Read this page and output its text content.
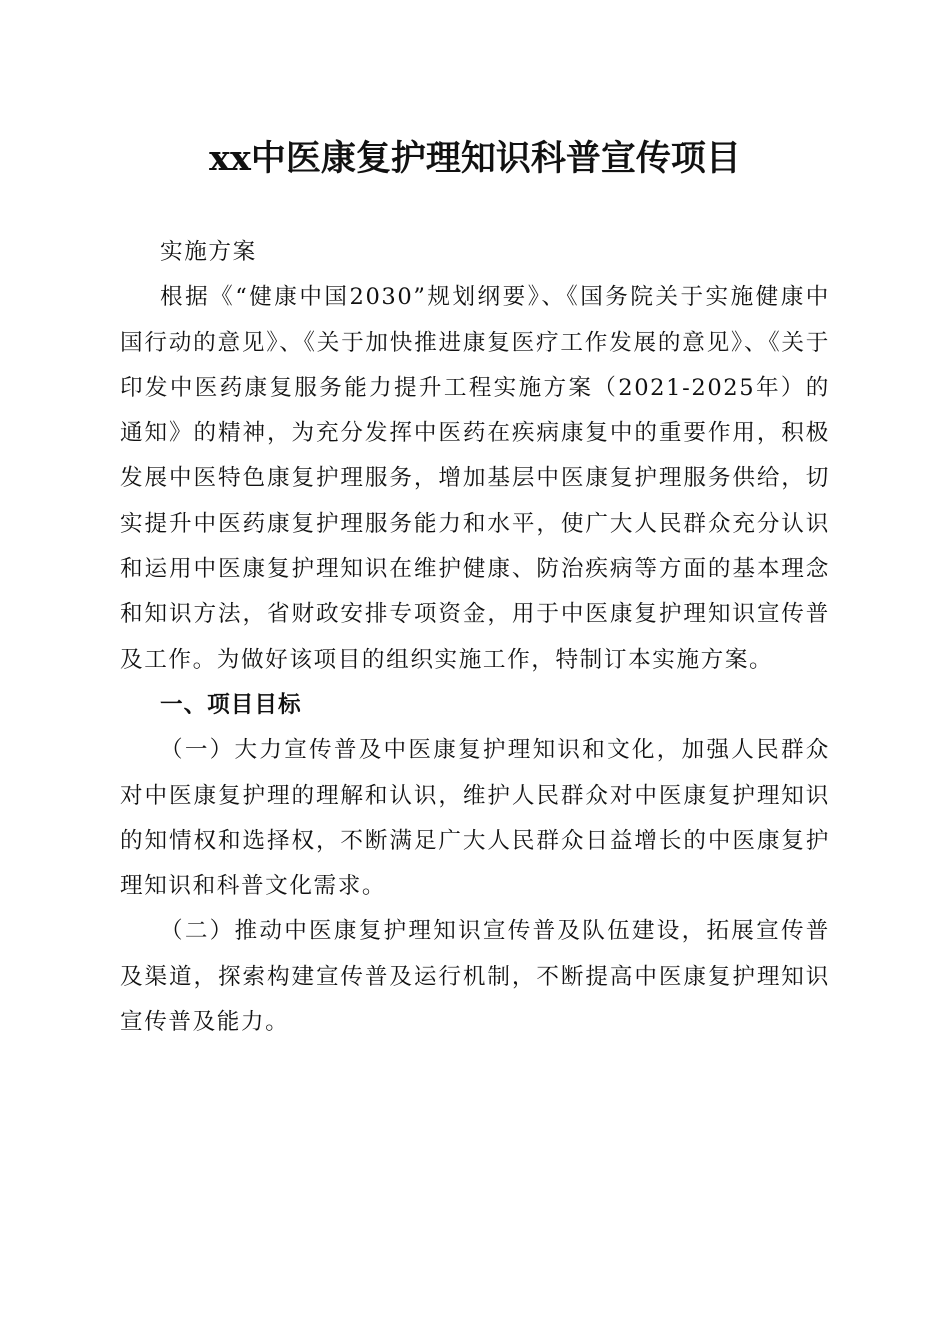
xx中医康复护理知识科普宣传项目

实施方案

根据《“健康中国2030”规划纲要》、《国务院关于实施健康中国行动的意见》、《关于加快推进康复医疗工作发展的意见》、《关于印发中医药康复服务能力提升工程实施方案（2021-2025年）的通知》的精神，为充分发挥中医药在疾病康复中的重要作用，积极发展中医特色康复护理服务，增加基层中医康复护理服务供给，切实提升中医药康复护理服务能力和水平，使广大人民群众充分认识和运用中医康复护理知识在维护健康、防治疾病等方面的基本理念和知识方法，省财政安排专项资金，用于中医康复护理知识宣传普及工作。为做好该项目的组织实施工作，特制订本实施方案。

一、项目目标

（一）大力宣传普及中医康复护理知识和文化，加强人民群众对中医康复护理的理解和认识，维护人民群众对中医康复护理知识的知情权和选择权，不断满足广大人民群众日益增长的中医康复护理知识和科普文化需求。

（二）推动中医康复护理知识宣传普及队伍建设，拓展宣传普及渠道，探索构建宣传普及运行机制，不断提高中医康复护理知识宣传普及能力。
